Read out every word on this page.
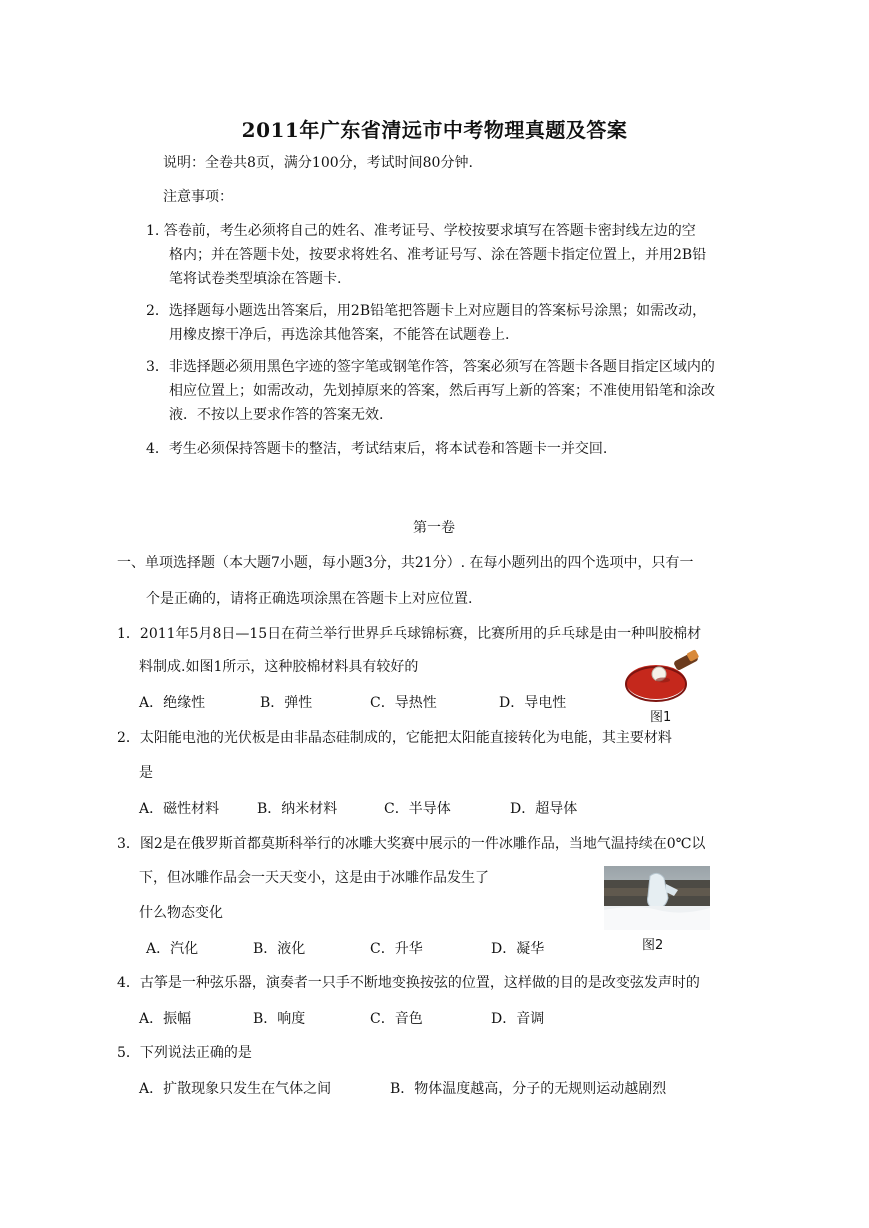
2011年广东省清远市中考物理真题及答案
说明：全卷共8页，满分100分，考试时间80分钟.
注意事项：
1. 答卷前，考生必须将自己的姓名、准考证号、学校按要求填写在答题卡密封线左边的空
格内；并在答题卡处，按要求将姓名、准考证号写、涂在答题卡指定位置上，并用2B铅
笔将试卷类型填涂在答题卡.
2．选择题每小题选出答案后，用2B铅笔把答题卡上对应题目的答案标号涂黑；如需改动，
用橡皮擦干净后，再选涂其他答案，不能答在试题卷上.
3．非选择题必须用黑色字迹的签字笔或钢笔作答，答案必须写在答题卡各题目指定区域内的
相应位置上；如需改动，先划掉原来的答案，然后再写上新的答案；不准使用铅笔和涂改
液．不按以上要求作答的答案无效.
4．考生必须保持答题卡的整洁，考试结束后，将本试卷和答题卡一并交回.
第一卷
一、单项选择题（本大题7小题，每小题3分，共21分）. 在每小题列出的四个选项中，只有一
个是正确的，请将正确选项涂黑在答题卡上对应位置.
1．2011年5月8日—15日在荷兰举行世界乒乓球锦标赛，比赛所用的乒乓球是由一种叫胶棉材
料制成.如图1所示，这种胶棉材料具有较好的
A．绝缘性	B．弹性	C．导热性	D．导电性
图1
2．太阳能电池的光伏板是由非晶态硅制成的，它能把太阳能直接转化为电能，其主要材料
是
A．磁性材料	B．纳米材料	C．半导体	D．超导体
3．图2是在俄罗斯首都莫斯科举行的冰雕大奖赛中展示的一件冰雕作品，当地气温持续在0℃以
下，但冰雕作品会一天天变小，这是由于冰雕作品发生了
什么物态变化
A．汽化	B．液化	C．升华	D．凝华	图2
4．古筝是一种弦乐器，演奏者一只手不断地变换按弦的位置，这样做的目的是改变弦发声时的
A．振幅	B．响度	C．音色	D．音调
5．下列说法正确的是
A．扩散现象只发生在气体之间	B．物体温度越高，分子的无规则运动越剧烈
